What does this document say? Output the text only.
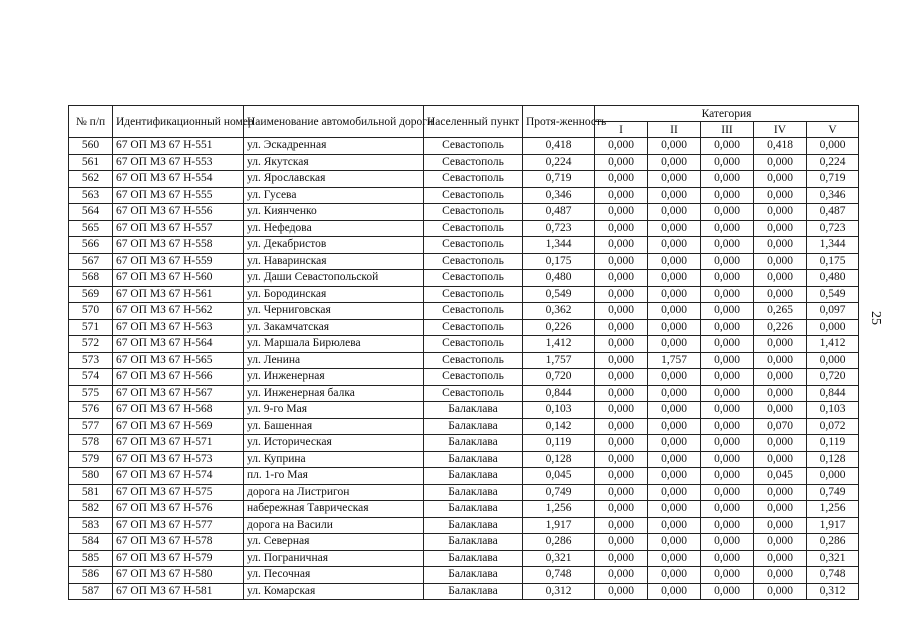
№ п/п	Идентификационный номер	Наименование автомобильной дороги	Населенный пункт	Протя-женность	Категория				
					I	II	III	IV	V
560	67 ОП МЗ 67 Н-551	ул. Эскадренная	Севастополь	0,418	0,000	0,000	0,000	0,418	0,000
561	67 ОП МЗ 67 Н-553	ул. Якутская	Севастополь	0,224	0,000	0,000	0,000	0,000	0,224
562	67 ОП МЗ 67 Н-554	ул. Ярославская	Севастополь	0,719	0,000	0,000	0,000	0,000	0,719
563	67 ОП МЗ 67 Н-555	ул. Гусева	Севастополь	0,346	0,000	0,000	0,000	0,000	0,346
564	67 ОП МЗ 67 Н-556	ул. Киянченко	Севастополь	0,487	0,000	0,000	0,000	0,000	0,487
565	67 ОП МЗ 67 Н-557	ул. Нефедова	Севастополь	0,723	0,000	0,000	0,000	0,000	0,723
566	67 ОП МЗ 67 Н-558	ул. Декабристов	Севастополь	1,344	0,000	0,000	0,000	0,000	1,344
567	67 ОП МЗ 67 Н-559	ул. Наваринская	Севастополь	0,175	0,000	0,000	0,000	0,000	0,175
568	67 ОП МЗ 67 Н-560	ул. Даши Севастопольской	Севастополь	0,480	0,000	0,000	0,000	0,000	0,480
569	67 ОП МЗ 67 Н-561	ул. Бородинская	Севастополь	0,549	0,000	0,000	0,000	0,000	0,549
570	67 ОП МЗ 67 Н-562	ул. Черниговская	Севастополь	0,362	0,000	0,000	0,000	0,265	0,097
571	67 ОП МЗ 67 Н-563	ул. Закамчатская	Севастополь	0,226	0,000	0,000	0,000	0,226	0,000
572	67 ОП МЗ 67 Н-564	ул. Маршала Бирюлева	Севастополь	1,412	0,000	0,000	0,000	0,000	1,412
573	67 ОП МЗ 67 Н-565	ул. Ленина	Севастополь	1,757	0,000	1,757	0,000	0,000	0,000
574	67 ОП МЗ 67 Н-566	ул. Инженерная	Севастополь	0,720	0,000	0,000	0,000	0,000	0,720
575	67 ОП МЗ 67 Н-567	ул. Инженерная балка	Севастополь	0,844	0,000	0,000	0,000	0,000	0,844
576	67 ОП МЗ 67 Н-568	ул. 9-го Мая	Балаклава	0,103	0,000	0,000	0,000	0,000	0,103
577	67 ОП МЗ 67 Н-569	ул. Башенная	Балаклава	0,142	0,000	0,000	0,000	0,070	0,072
578	67 ОП МЗ 67 Н-571	ул. Историческая	Балаклава	0,119	0,000	0,000	0,000	0,000	0,119
579	67 ОП МЗ 67 Н-573	ул. Куприна	Балаклава	0,128	0,000	0,000	0,000	0,000	0,128
580	67 ОП МЗ 67 Н-574	пл. 1-го Мая	Балаклава	0,045	0,000	0,000	0,000	0,045	0,000
581	67 ОП МЗ 67 Н-575	дорога на Листригон	Балаклава	0,749	0,000	0,000	0,000	0,000	0,749
582	67 ОП МЗ 67 Н-576	набережная Таврическая	Балаклава	1,256	0,000	0,000	0,000	0,000	1,256
583	67 ОП МЗ 67 Н-577	дорога на Васили	Балаклава	1,917	0,000	0,000	0,000	0,000	1,917
584	67 ОП МЗ 67 Н-578	ул. Северная	Балаклава	0,286	0,000	0,000	0,000	0,000	0,286
585	67 ОП МЗ 67 Н-579	ул. Пограничная	Балаклава	0,321	0,000	0,000	0,000	0,000	0,321
586	67 ОП МЗ 67 Н-580	ул. Песочная	Балаклава	0,748	0,000	0,000	0,000	0,000	0,748
587	67 ОП МЗ 67 Н-581	ул. Комарская	Балаклава	0,312	0,000	0,000	0,000	0,000	0,312
25
